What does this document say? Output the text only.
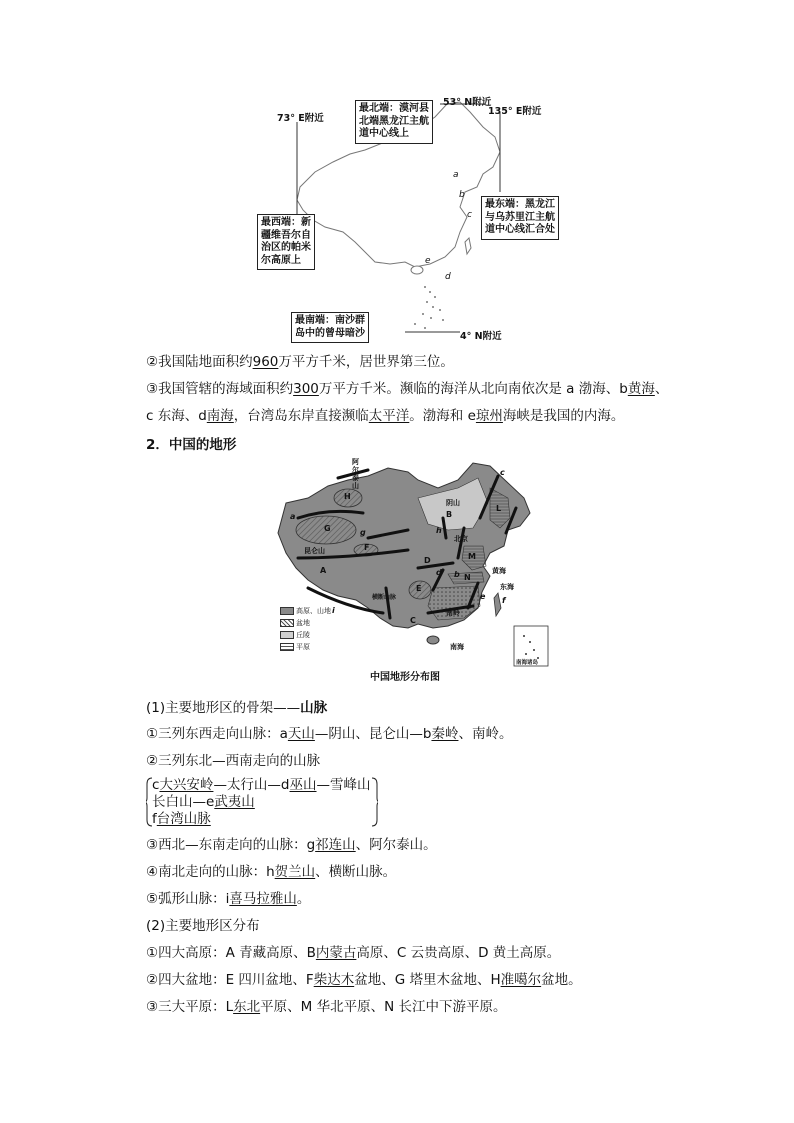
73° E附近
53° N附近
135° E附近
4° N附近
最北端：漠河县
北端黑龙江主航
道中心线上
最西端：新
疆维吾尔自
治区的帕米
尔高原上
最东端：黑龙江
与乌苏里江主航
道中心线汇合处
最南端：南沙群
岛中的曾母暗沙
a
b
c
d
e
②我国陆地面积约960万平方千米，居世界第三位。
③我国管辖的海域面积约300万平方千米。濒临的海洋从北向南依次是 a 渤海、b黄海、
c 东海、d南海，台湾岛东岸直接濒临太平洋。渤海和 e琼州海峡是我国的内海。
2．中国的地形
A
B
C
D
E
F
G
H
L
M
N
a
b
c
d
e f
g	h
i
阿
尔
泰
山
阴山
北京
黄海
东海
南海
南海诸岛
横断山脉
南岭
昆仑山
高原、山地
盆地
丘陵
平原
中国地形分布图
(1)主要地形区的骨架——山脉
①三列东西走向山脉：a天山—阴山、昆仑山—b秦岭、南岭。
②三列东北—西南走向的山脉
c大兴安岭—太行山—d巫山—雪峰山
长白山—e武夷山
f台湾山脉
③西北—东南走向的山脉：g祁连山、阿尔泰山。
④南北走向的山脉：h贺兰山、横断山脉。
⑤弧形山脉：i喜马拉雅山。
(2)主要地形区分布
①四大高原：A 青藏高原、B内蒙古高原、C 云贵高原、D 黄土高原。
②四大盆地：E 四川盆地、F柴达木盆地、G 塔里木盆地、H准噶尔盆地。
③三大平原：L东北平原、M 华北平原、N 长江中下游平原。
